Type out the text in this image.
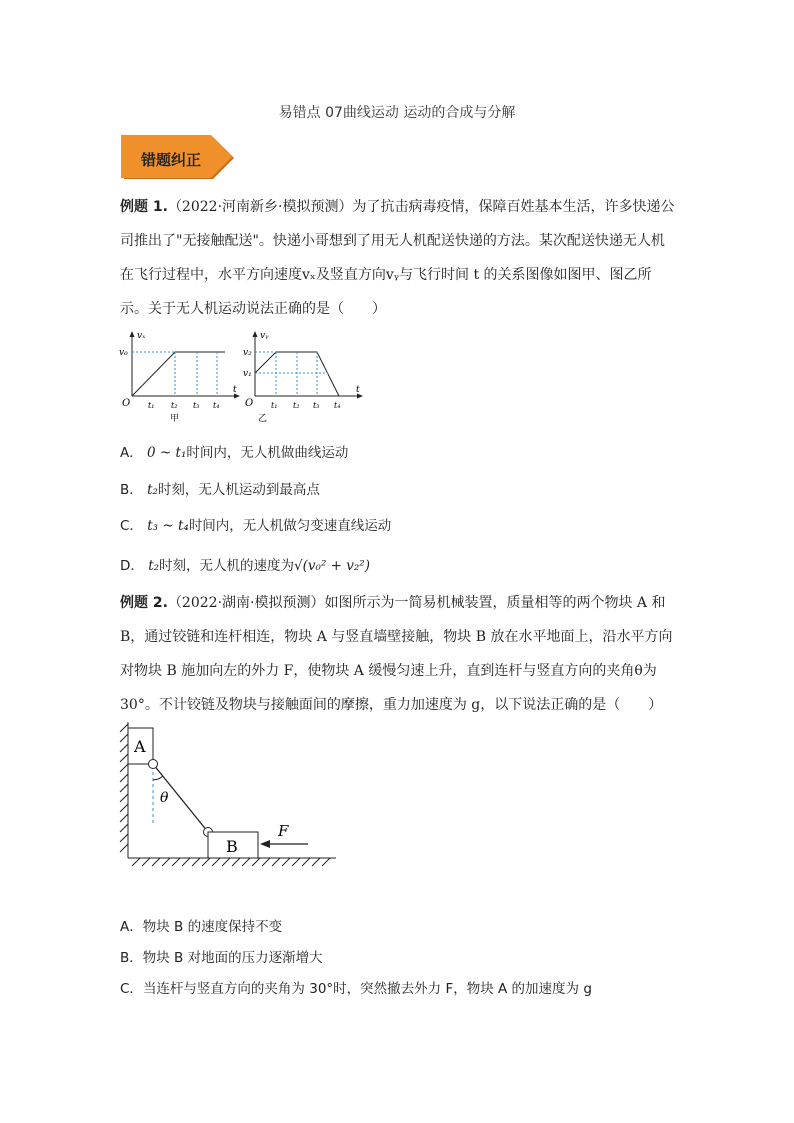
易错点 07曲线运动 运动的合成与分解
错题纠正
例题 1.（2022·河南新乡·模拟预测）为了抗击病毒疫情，保障百姓基本生活，许多快递公
司推出了"无接触配送"。快递小哥想到了用无人机配送快递的方法。某次配送快递无人机
在飞行过程中，水平方向速度vₓ及竖直方向vᵧ与飞行时间 t 的关系图像如图甲、图乙所
示。关于无人机运动说法正确的是（　　）
vₓ
v₀
O
t
t₁ t₂ t₃ t₄
甲
vᵧ
v₂
v₁
O
t
t₁ t₂ t₃ t₄
乙
A． 0 ~ t₁时间内，无人机做曲线运动
B． t₂时刻，无人机运动到最高点
C． t₃ ~ t₄时间内，无人机做匀变速直线运动
D． t₂时刻，无人机的速度为√(v₀² + v₂²)
例题 2.（2022·湖南·模拟预测）如图所示为一简易机械装置，质量相等的两个物块 A 和
B，通过铰链和连杆相连，物块 A 与竖直墙壁接触，物块 B 放在水平地面上，沿水平方向
对物块 B 施加向左的外力 F，使物块 A 缓慢匀速上升，直到连杆与竖直方向的夹角θ为
30°。不计铰链及物块与接触面间的摩擦，重力加速度为 g，以下说法正确的是（　　）
A
θ
B
F
A．物块 B 的速度保持不变
B．物块 B 对地面的压力逐渐增大
C．当连杆与竖直方向的夹角为 30°时，突然撤去外力 F，物块 A 的加速度为 g
